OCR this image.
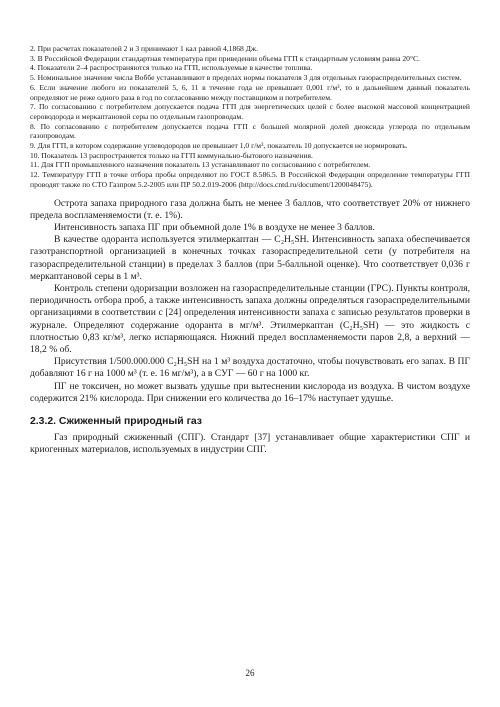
2. При расчетах показателей 2 и 3 принимают 1 кал равной 4,1868 Дж.

3. В Российской Федерации стандартная температура при приведении объема ГГП к стандартным условиям равна 20°С.

4. Показатели 2–4 распространяются только на ГГП, используемые в качестве топлива.

5. Номинальное значение числа Воббе устанавливают в пределах нормы показателя 3 для отдельных газораспределительных систем.

6. Если значение любого из показателей 5, 6, 11 в течение года не превышает 0,001 г/м³, то в дальнейшем данный показатель определяют не реже одного раза в год по согласованию между поставщиком и потребителем.

7. По согласованию с потребителем допускается подача ГГП для энергетических целей с более высокой массовой концентрацией сероводорода и меркаптановой серы по отдельным газопроводам.

8. По согласованию с потребителем допускается подача ГГП с большей молярной долей диоксида углерода по отдельным газопроводам.

9. Для ГГП, в котором содержание углеводородов не превышает 1,0 г/м³, показатель 10 допускается не нормировать.

10. Показатель 13 распространяется только на ГГП коммунально-бытового назначения.

11. Для ГГП промышленного назначения показатель 13 устанавливают по согласованию с потребителем.

12. Температуру ГГП в точке отбора пробы определяют по ГОСТ 8.586.5. В Российской Федерации определение температуры ГГП проводят также по СТО Газпром 5.2-2005 или ПР 50.2.019-2006 (http://docs.cntd.ru/document/1200048475).

Острота запаха природного газа должна быть не менее 3 баллов, что соответствует 20% от нижнего предела воспламеняемости (т. е. 1%).

Интенсивность запаха ПГ при объемной доле 1% в воздухе не менее 3 баллов.

В качестве одоранта используется этилмеркаптан — C₂H₅SH. Интенсивность запаха обеспечивается газотранспортной организацией в конечных точках газораспределительной сети (у потребителя на газораспределительной станции) в пределах 3 баллов (при 5-балльной оценке). Что соответствует 0,036 г меркаптановой серы в 1 м³.

Контроль степени одоризации возложен на газораспределительные станции (ГРС). Пункты контроля, периодичность отбора проб, а также интенсивность запаха должны определяться газораспределительными организациями в соответствии с [24] определения интенсивности запаха с записью результатов проверки в журнале. Определяют содержание одоранта в мг/м³. Этилмеркаптан (C₂H₅SH) — это жидкость с плотностью 0,83 кг/м³, легко испаряющаяся. Нижний предел воспламеняемости паров 2,8, а верхний — 18,2 % об.

Присутствия 1/500.000.000 C₂H₅SH на 1 м³ воздуха достаточно, чтобы почувствовать его запах. В ПГ добавляют 16 г на 1000 м³ (т. е. 16 мг/м³), а в СУГ — 60 г на 1000 кг.

ПГ не токсичен, но может вызвать удушье при вытеснении кислорода из воздуха. В чистом воздухе содержится 21% кислорода. При снижении его количества до 16–17% наступает удушье.

2.3.2. Сжиженный природный газ

Газ природный сжиженный (СПГ). Стандарт [37] устанавливает общие характеристики СПГ и криогенных материалов, используемых в индустрии СПГ.

26
